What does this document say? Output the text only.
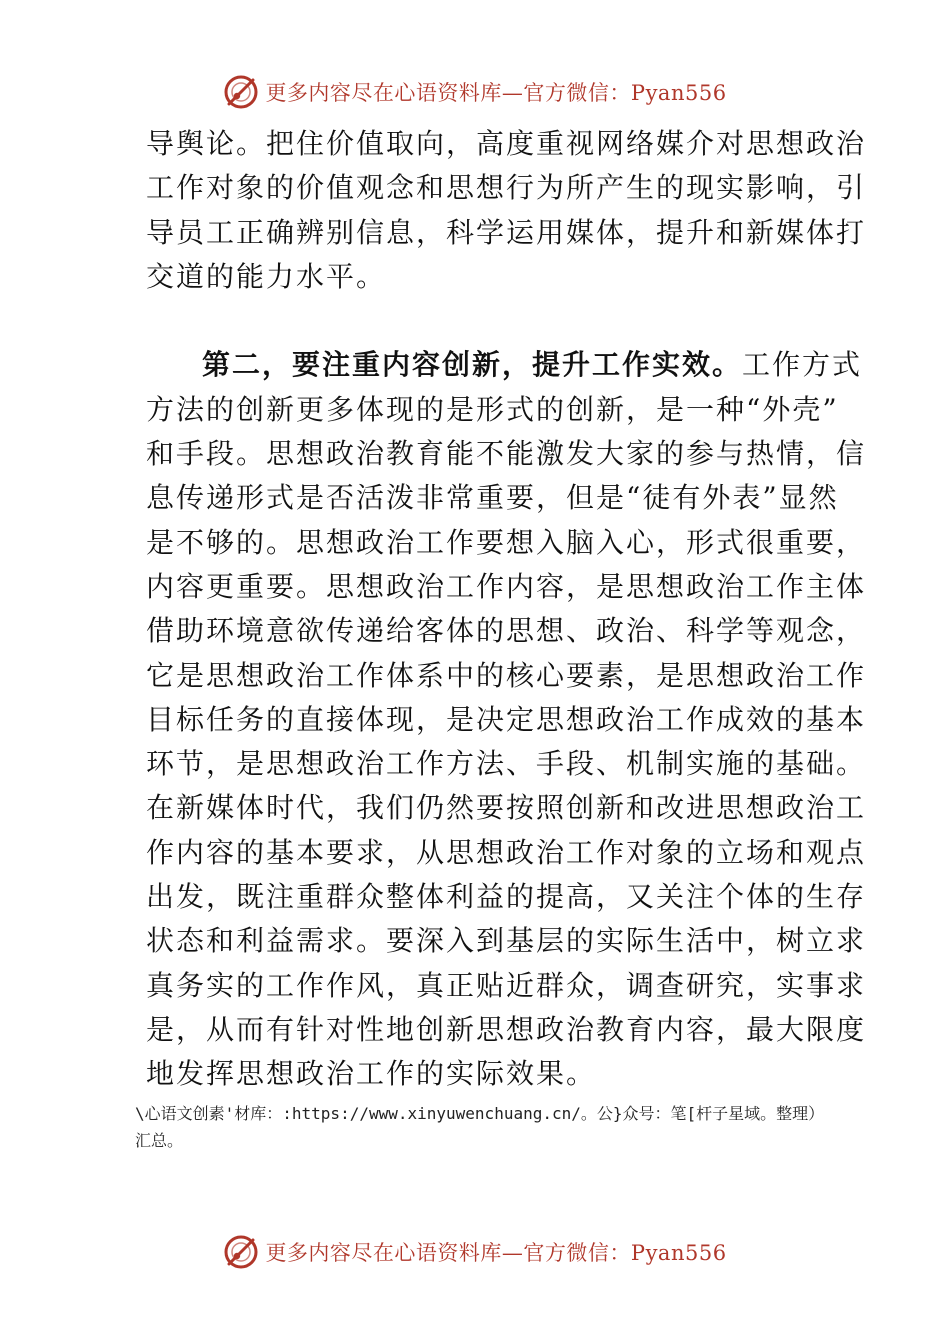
更多内容尽在心语资料库—官方微信：Pyan556
导舆论。把住价值取向，高度重视网络媒介对思想政治
工作对象的价值观念和思想行为所产生的现实影响，引
导员工正确辨别信息，科学运用媒体，提升和新媒体打
交道的能力水平。
第二，要注重内容创新，提升工作实效。工作方式
方法的创新更多体现的是形式的创新，是一种“外壳”
和手段。思想政治教育能不能激发大家的参与热情，信
息传递形式是否活泼非常重要，但是“徒有外表”显然
是不够的。思想政治工作要想入脑入心，形式很重要，
内容更重要。思想政治工作内容，是思想政治工作主体
借助环境意欲传递给客体的思想、政治、科学等观念，
它是思想政治工作体系中的核心要素，是思想政治工作
目标任务的直接体现，是决定思想政治工作成效的基本
环节，是思想政治工作方法、手段、机制实施的基础。
在新媒体时代，我们仍然要按照创新和改进思想政治工
作内容的基本要求，从思想政治工作对象的立场和观点
出发，既注重群众整体利益的提高，又关注个体的生存
状态和利益需求。要深入到基层的实际生活中，树立求
真务实的工作作风，真正贴近群众，调查研究，实事求
是，从而有针对性地创新思想政治教育内容，最大限度
地发挥思想政治工作的实际效果。
\心语文创素'材库：:https://www.xinyuwenchuang.cn/。公}众号：笔[杆子星域。整理）
汇总。
更多内容尽在心语资料库—官方微信：Pyan556
